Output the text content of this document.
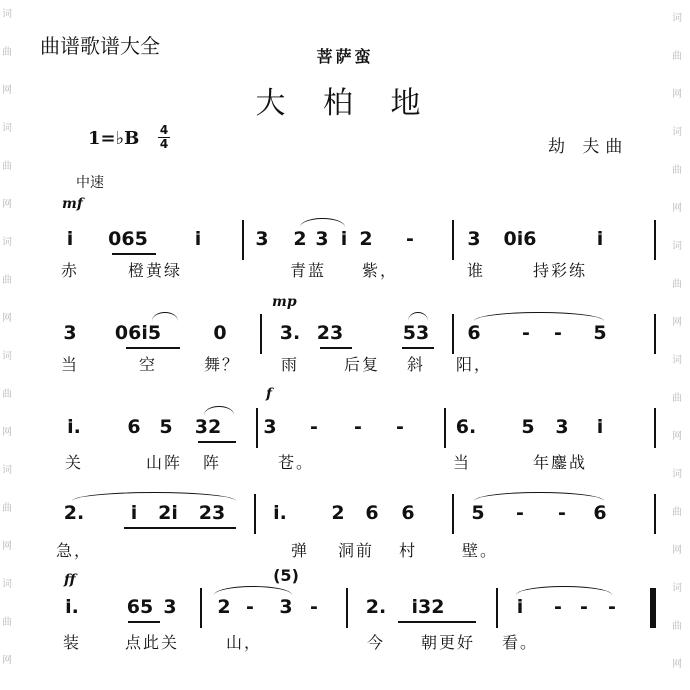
词
曲
网
词
曲
网
词
曲
网
词
曲
网
词
曲
网
词
曲
网
词
曲
网
词
曲
网
词
曲
网
词
曲
网
词
曲
网
词
曲
网
曲谱歌谱大全	菩萨蛮
大 柏 地
1=♭B 4
4	劫 夫曲
中速
mf
mp
f
ff
i 065 i	3 2 3 i 2 -	3 0i6	i
赤	橙黄绿	青蓝 紫，	谁	持彩练
3 06i5	0	3. 23	53 6 - - 5
当	空	舞？	雨	后复 斜 阳，
i. 6 5 32 3 - - -	6. 5 3 i
关	山阵 阵	苍。	当	年鏖战
2. i 2i 23	i. 2 6 6	5 - - 6
急，	弹 洞前 村	壁。
i.	65 3 2 - 3 -	2. i32	i - - -
装	点此关	山，	今 朝更好 看。
(5)
